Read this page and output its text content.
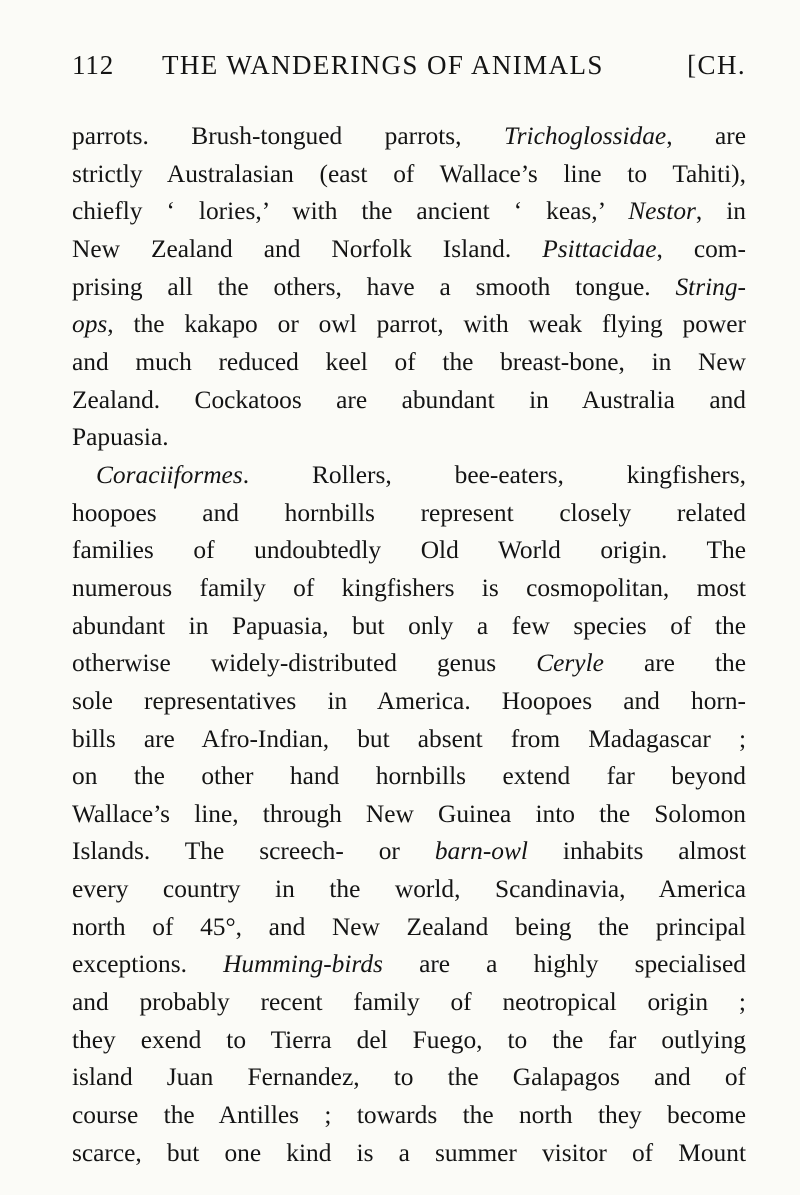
112	THE WANDERINGS OF ANIMALS	[CH.
parrots. Brush-tongued parrots, Trichoglossidae, are
strictly Australasian (east of Wallace’s line to Tahiti),
chiefly ‘ lories,’ with the ancient ‘ keas,’ Nestor, in
New Zealand and Norfolk Island. Psittacidae, com-
prising all the others, have a smooth tongue. String-
ops, the kakapo or owl parrot, with weak flying power
and much reduced keel of the breast-bone, in New
Zealand. Cockatoos are abundant in Australia and
Papuasia.
Coraciiformes. Rollers, bee-eaters, kingfishers,
hoopoes and hornbills represent closely related
families of undoubtedly Old World origin. The
numerous family of kingfishers is cosmopolitan, most
abundant in Papuasia, but only a few species of the
otherwise widely-distributed genus Ceryle are the
sole representatives in America. Hoopoes and horn-
bills are Afro-Indian, but absent from Madagascar ;
on the other hand hornbills extend far beyond
Wallace’s line, through New Guinea into the Solomon
Islands. The screech- or barn-owl inhabits almost
every country in the world, Scandinavia, America
north of 45°, and New Zealand being the principal
exceptions. Humming-birds are a highly specialised
and probably recent family of neotropical origin ;
they exend to Tierra del Fuego, to the far outlying
island Juan Fernandez, to the Galapagos and of
course the Antilles ; towards the north they become
scarce, but one kind is a summer visitor of Mount
